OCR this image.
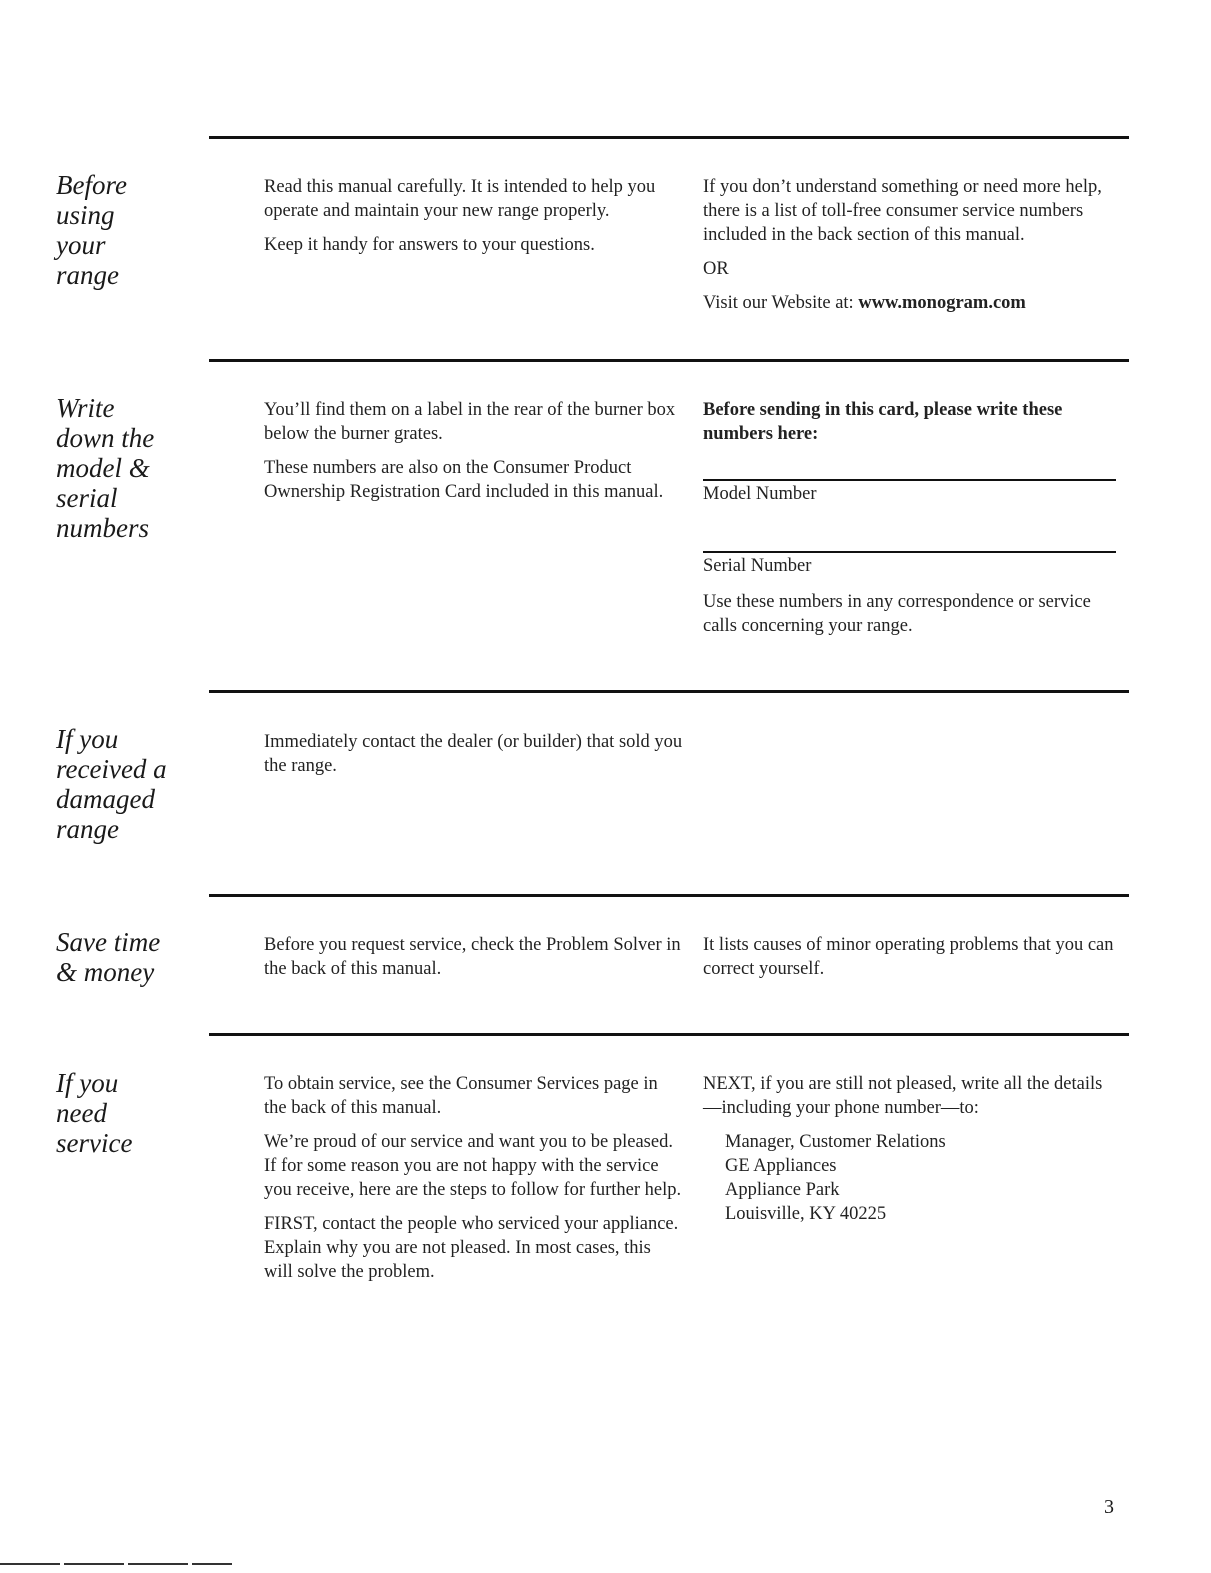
Before
using
your
range

Read this manual carefully. It is intended to help you operate and maintain your new range properly.

Keep it handy for answers to your questions.

If you don’t understand something or need more help, there is a list of toll-free consumer service numbers included in the back section of this manual.

OR

Visit our Website at: www.monogram.com

Write
down the
model &
serial
numbers

You’ll find them on a label in the rear of the burner box below the burner grates.

These numbers are also on the Consumer Product Ownership Registration Card included in this manual.

Before sending in this card, please write these numbers here:
Model Number
Serial Number
Use these numbers in any correspondence or service calls concerning your range.
If you
received a
damaged
range
Immediately contact the dealer (or builder) that sold you the range.
Save time
& money
Before you request service, check the Problem Solver in the back of this manual.
It lists causes of minor operating problems that you can correct yourself.
If you
need
service

To obtain service, see the Consumer Services page in the back of this manual.

We’re proud of our service and want you to be pleased. If for some reason you are not happy with the service you receive, here are the steps to follow for further help.

FIRST, contact the people who serviced your appliance. Explain why you are not pleased. In most cases, this will solve the problem.

NEXT, if you are still not pleased, write all the details—including your phone number—to:

Manager, Customer Relations
GE Appliances
Appliance Park
Louisville, KY 40225
3
